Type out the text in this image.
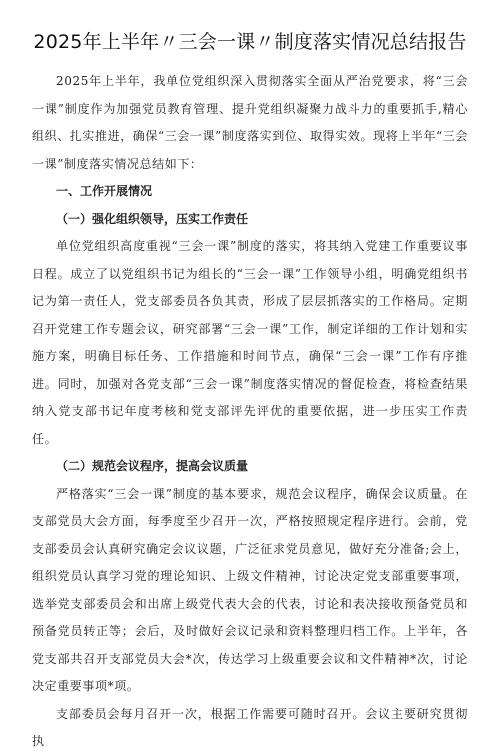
2025年上半年〃三会一课〃制度落实情况总结报告

2025年上半年，我单位党组织深入贯彻落实全面从严治党要求，将“三会一课”制度作为加强党员教育管理、提升党组织凝聚力战斗力的重要抓手,精心组织、扎实推进，确保“三会一课”制度落实到位、取得实效。现将上半年“三会一课”制度落实情况总结如下：

一、工作开展情况

（一）强化组织领导，压实工作责任

单位党组织高度重视“三会一课”制度的落实，将其纳入党建工作重要议事日程。成立了以党组织书记为组长的“三会一课”工作领导小组，明确党组织书记为第一责任人，党支部委员各负其责，形成了层层抓落实的工作格局。定期召开党建工作专题会议，研究部署“三会一课”工作，制定详细的工作计划和实施方案，明确目标任务、工作措施和时间节点，确保“三会一课”工作有序推进。同时，加强对各党支部“三会一课”制度落实情况的督促检查，将检查结果纳入党支部书记年度考核和党支部评先评优的重要依据，进一步压实工作责任。

（二）规范会议程序，提高会议质量

严格落实“三会一课”制度的基本要求，规范会议程序，确保会议质量。在支部党员大会方面，每季度至少召开一次，严格按照规定程序进行。会前，党支部委员会认真研究确定会议议题，广泛征求党员意见，做好充分准备;会上，组织党员认真学习党的理论知识、上级文件精神，讨论决定党支部重要事项，选举党支部委员会和出席上级党代表大会的代表，讨论和表决接收预备党员和预备党员转正等；会后，及时做好会议记录和资料整理归档工作。上半年，各党支部共召开支部党员大会*次，传达学习上级重要会议和文件精神*次，讨论决定重要事项*项。

支部委员会每月召开一次，根据工作需要可随时召开。会议主要研究贯彻执
